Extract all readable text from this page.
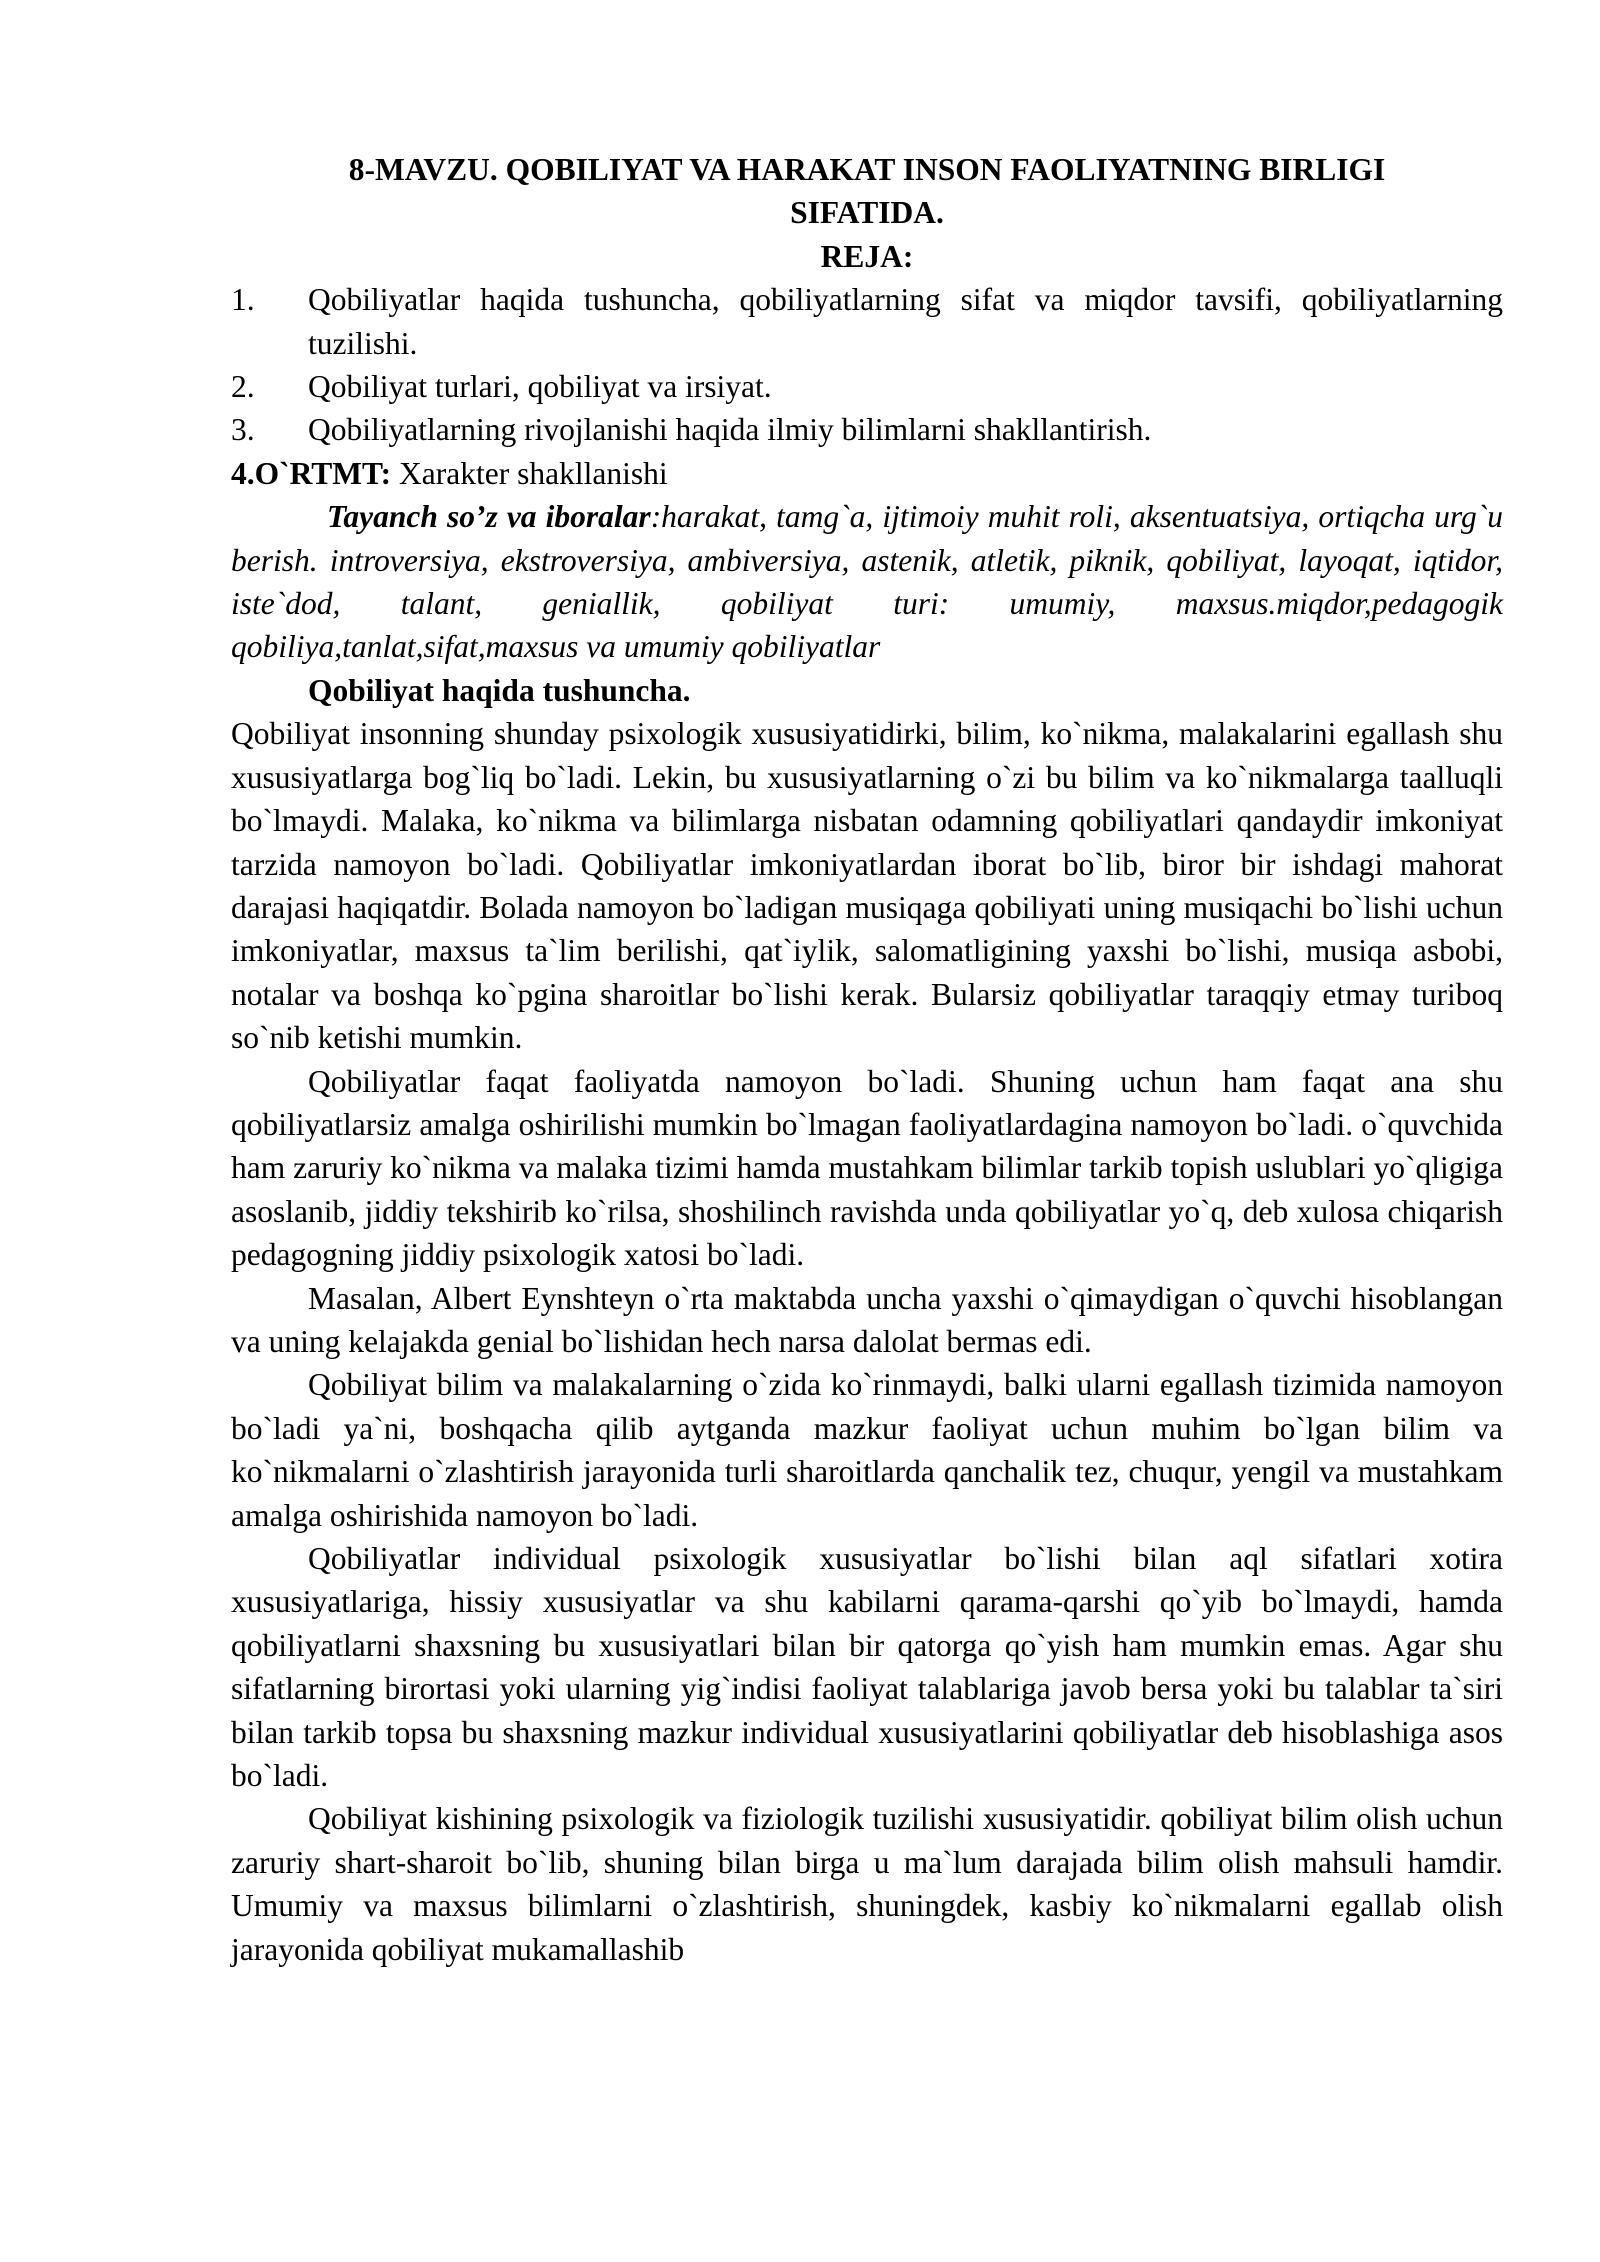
8-MAVZU. QOBILIYAT VA HARAKAT INSON FAOLIYATNING BIRLIGI SIFATIDA.
REJA:
1.	Qobiliyatlar haqida tushuncha, qobiliyatlarning sifat va miqdor tavsifi, qobiliyatlarning tuzilishi.
2.	Qobiliyat turlari, qobiliyat va irsiyat.
3.	Qobiliyatlarning rivojlanishi haqida ilmiy bilimlarni shakllantirish.
4.O`RTMT: Xarakter shakllanishi

Tayanch so’z va iboralar:harakat, tamg`a, ijtimoiy muhit roli, aksentuatsiya, ortiqcha urg`u berish. introversiya, ekstroversiya, ambiversiya, astenik, atletik, piknik, qobiliyat, layoqat, iqtidor, iste`dod, talant, geniallik, qobiliyat turi: umumiy, maxsus.miqdor,pedagogik qobiliya,tanlat,sifat,maxsus va umumiy qobiliyatlar

Qobiliyat haqida tushuncha.

Qobiliyat insonning shunday psixologik xususiyatidirki, bilim, ko`nikma, malakalarini egallash shu xususiyatlarga bog`liq bo`ladi. Lekin, bu xususiyatlarning o`zi bu bilim va ko`nikmalarga taalluqli bo`lmaydi. Malaka, ko`nikma va bilimlarga nisbatan odamning qobiliyatlari qandaydir imkoniyat tarzida namoyon bo`ladi. Qobiliyatlar imkoniyatlardan iborat bo`lib, biror bir ishdagi mahorat darajasi haqiqatdir. Bolada namoyon bo`ladigan musiqaga qobiliyati uning musiqachi bo`lishi uchun imkoniyatlar, maxsus ta`lim berilishi, qat`iylik, salomatligining yaxshi bo`lishi, musiqa asbobi, notalar va boshqa ko`pgina sharoitlar bo`lishi kerak. Bularsiz qobiliyatlar taraqqiy etmay turiboq so`nib ketishi mumkin.

Qobiliyatlar faqat faoliyatda namoyon bo`ladi. Shuning uchun ham faqat ana shu qobiliyatlarsiz amalga oshirilishi mumkin bo`lmagan faoliyatlardagina namoyon bo`ladi. o`quvchida ham zaruriy ko`nikma va malaka tizimi hamda mustahkam bilimlar tarkib topish uslublari yo`qligiga asoslanib, jiddiy tekshirib ko`rilsa, shoshilinch ravishda unda qobiliyatlar yo`q, deb xulosa chiqarish pedagogning jiddiy psixologik xatosi bo`ladi.

Masalan, Albert Eynshteyn o`rta maktabda uncha yaxshi o`qimaydigan o`quvchi hisoblangan va uning kelajakda genial bo`lishidan hech narsa dalolat bermas edi.

Qobiliyat bilim va malakalarning o`zida ko`rinmaydi, balki ularni egallash tizimida namoyon bo`ladi ya`ni, boshqacha qilib aytganda mazkur faoliyat uchun muhim bo`lgan bilim va ko`nikmalarni o`zlashtirish jarayonida turli sharoitlarda qanchalik tez, chuqur, yengil va mustahkam amalga oshirishida namoyon bo`ladi.

Qobiliyatlar individual psixologik xususiyatlar bo`lishi bilan aql sifatlari xotira xususiyatlariga, hissiy xususiyatlar va shu kabilarni qarama-qarshi qo`yib bo`lmaydi, hamda qobiliyatlarni shaxsning bu xususiyatlari bilan bir qatorga qo`yish ham mumkin emas. Agar shu sifatlarning birortasi yoki ularning yig`indisi faoliyat talablariga javob bersa yoki bu talablar ta`siri bilan tarkib topsa bu shaxsning mazkur individual xususiyatlarini qobiliyatlar deb hisoblashiga asos bo`ladi.

Qobiliyat kishining psixologik va fiziologik tuzilishi xususiyatidir. qobiliyat bilim olish uchun zaruriy shart-sharoit bo`lib, shuning bilan birga u ma`lum darajada bilim olish mahsuli hamdir. Umumiy va maxsus bilimlarni o`zlashtirish, shuningdek, kasbiy ko`nikmalarni egallab olish jarayonida qobiliyat mukamallashib
